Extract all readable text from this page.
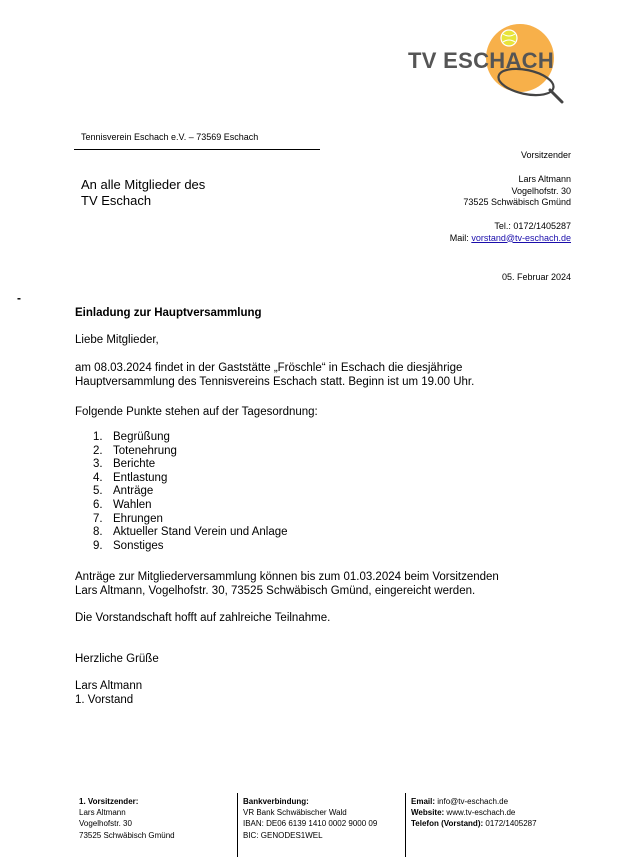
TV ESCHACH
Tennisverein Eschach e.V. – 73569 Eschach
An alle Mitglieder des
TV Eschach
Vorsitzender
Lars Altmann
Vogelhofstr. 30
73525 Schwäbisch Gmünd
Tel.: 0172/1405287
Mail: vorstand@tv-eschach.de
05. Februar 2024
-
Einladung zur Hauptversammlung
Liebe Mitglieder,
am 08.03.2024 findet in der Gaststätte „Fröschle“ in Eschach die diesjährige
Hauptversammlung des Tennisvereins Eschach statt. Beginn ist um 19.00 Uhr.
Folgende Punkte stehen auf der Tagesordnung:
1. Begrüßung
2. Totenehrung
3. Berichte
4. Entlastung
5. Anträge
6. Wahlen
7. Ehrungen
8. Aktueller Stand Verein und Anlage
9. Sonstiges
Anträge zur Mitgliederversammlung können bis zum 01.03.2024 beim Vorsitzenden
Lars Altmann, Vogelhofstr. 30, 73525 Schwäbisch Gmünd, eingereicht werden.
Die Vorstandschaft hofft auf zahlreiche Teilnahme.
Herzliche Grüße
Lars Altmann
1. Vorstand
1. Vorsitzender:
Lars Altmann
Vogelhofstr. 30
73525 Schwäbisch Gmünd
Bankverbindung:
VR Bank Schwäbischer Wald
IBAN: DE06 6139 1410 0002 9000 09
BIC: GENODES1WEL
Email: info@tv-eschach.de
Website: www.tv-eschach.de
Telefon (Vorstand): 0172/1405287
